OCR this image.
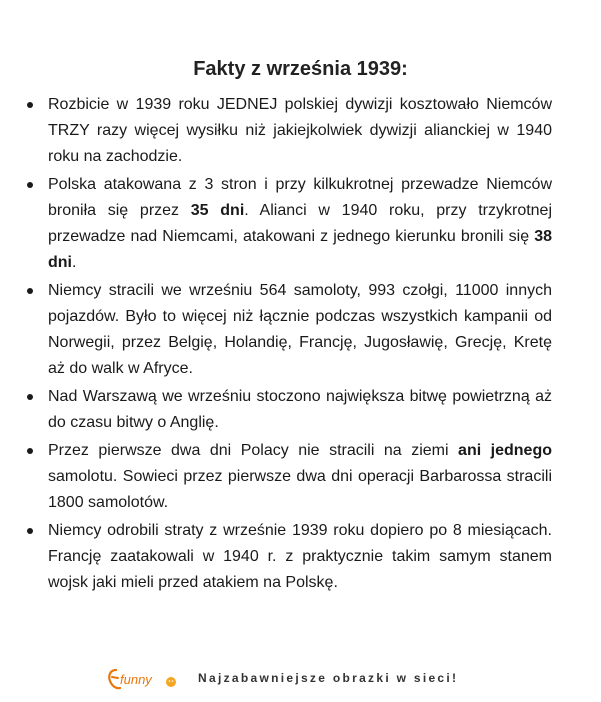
Fakty z września 1939:
Rozbicie w 1939 roku JEDNEJ polskiej dywizji kosztowało Niemców TRZY razy więcej wysiłku niż jakiejkolwiek dywizji alianckiej w 1940 roku na zachodzie.
Polska atakowana z 3 stron i przy kilkukrotnej przewadze Niemców broniła się przez 35 dni. Alianci w 1940 roku, przy trzykrotnej przewadze nad Niemcami, atakowani z jednego kierunku bronili się 38 dni.
Niemcy stracili we wrześniu 564 samoloty, 993 czołgi, 11000 innych pojazdów. Było to więcej niż łącznie podczas wszystkich kampanii od Norwegii, przez Belgię, Holandię, Francję, Jugosławię, Grecję, Kretę aż do walk w Afryce.
Nad Warszawą we wrześniu stoczono największa bitwę powietrzną aż do czasu bitwy o Anglię.
Przez pierwsze dwa dni Polacy nie stracili na ziemi ani jednego samolotu. Sowieci przez pierwsze dwa dni operacji Barbarossa stracili 1800 samolotów.
Niemcy odrobili straty z wrześnie 1939 roku dopiero po 8 miesiącach. Francję zaatakowali w 1940 r. z praktycznie takim samym stanem wojsk jaki mieli przed atakiem na Polskę.
funny	Najzabawniejsze obrazki w sieci!
